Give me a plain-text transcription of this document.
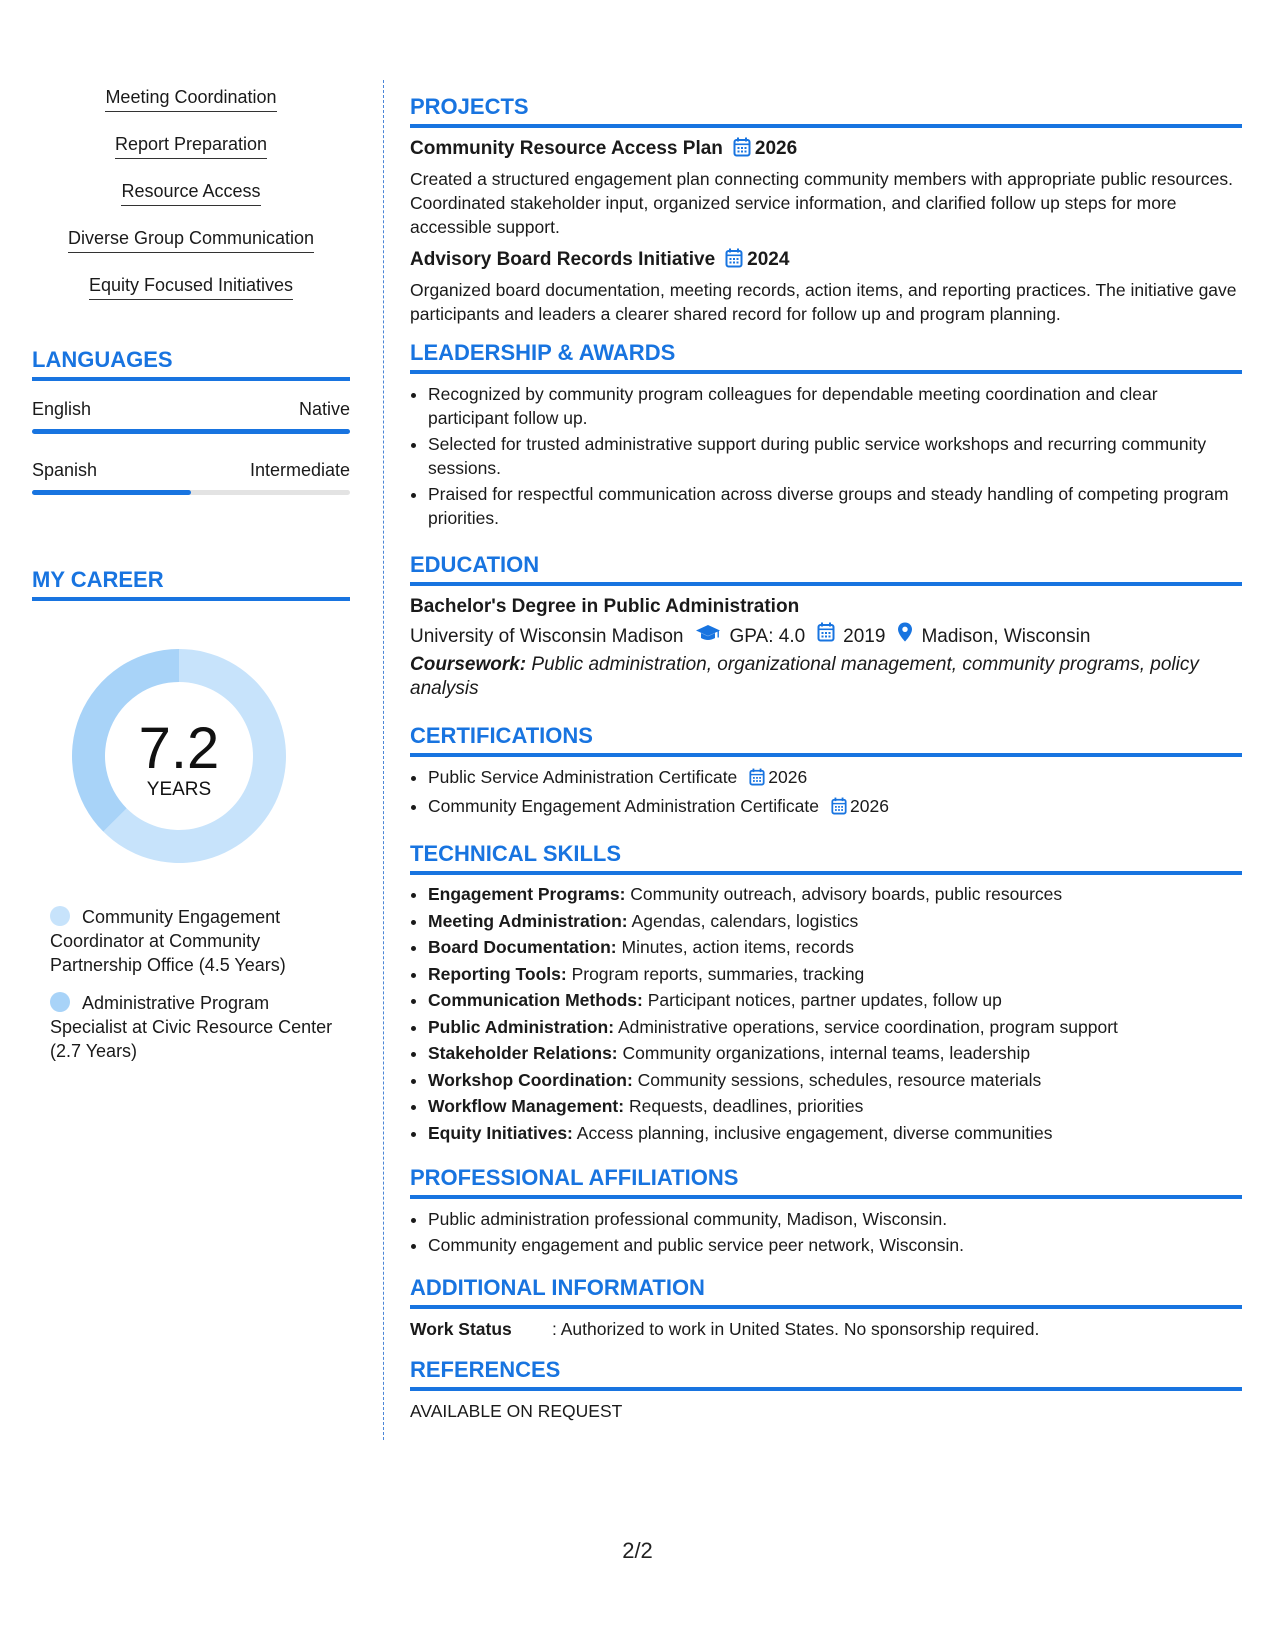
Meeting Coordination
Report Preparation
Resource Access
Diverse Group Communication
Equity Focused Initiatives
LANGUAGES
English	Native
Spanish	Intermediate
MY CAREER
7.2
YEARS
Community Engagement Coordinator at Community Partnership Office (4.5 Years)
Administrative Program Specialist at Civic Resource Center (2.7 Years)
PROJECTS
Community Resource Access Plan 2026

Created a structured engagement plan connecting community members with appropriate public resources. Coordinated stakeholder input, organized service information, and clarified follow up steps for more accessible support.

Advisory Board Records Initiative 2024

Organized board documentation, meeting records, action items, and reporting practices. The initiative gave participants and leaders a clearer shared record for follow up and program planning.

LEADERSHIP & AWARDS
• Recognized by community program colleagues for dependable meeting coordination and clear participant follow up.
• Selected for trusted administrative support during public service workshops and recurring community sessions.
• Praised for respectful communication across diverse groups and steady handling of competing program priorities.
EDUCATION
Bachelor's Degree in Public Administration
University of Wisconsin Madison GPA: 4.0 2019 Madison, Wisconsin
Coursework: Public administration, organizational management, community programs, policy analysis
CERTIFICATIONS
• Public Service Administration Certificate 2026
• Community Engagement Administration Certificate 2026
TECHNICAL SKILLS
• Engagement Programs: Community outreach, advisory boards, public resources
• Meeting Administration: Agendas, calendars, logistics
• Board Documentation: Minutes, action items, records
• Reporting Tools: Program reports, summaries, tracking
• Communication Methods: Participant notices, partner updates, follow up
• Public Administration: Administrative operations, service coordination, program support
• Stakeholder Relations: Community organizations, internal teams, leadership
• Workshop Coordination: Community sessions, schedules, resource materials
• Workflow Management: Requests, deadlines, priorities
• Equity Initiatives: Access planning, inclusive engagement, diverse communities
PROFESSIONAL AFFILIATIONS
• Public administration professional community, Madison, Wisconsin.
• Community engagement and public service peer network, Wisconsin.
ADDITIONAL INFORMATION
Work Status	: Authorized to work in United States. No sponsorship required.
REFERENCES
AVAILABLE ON REQUEST
2/2
